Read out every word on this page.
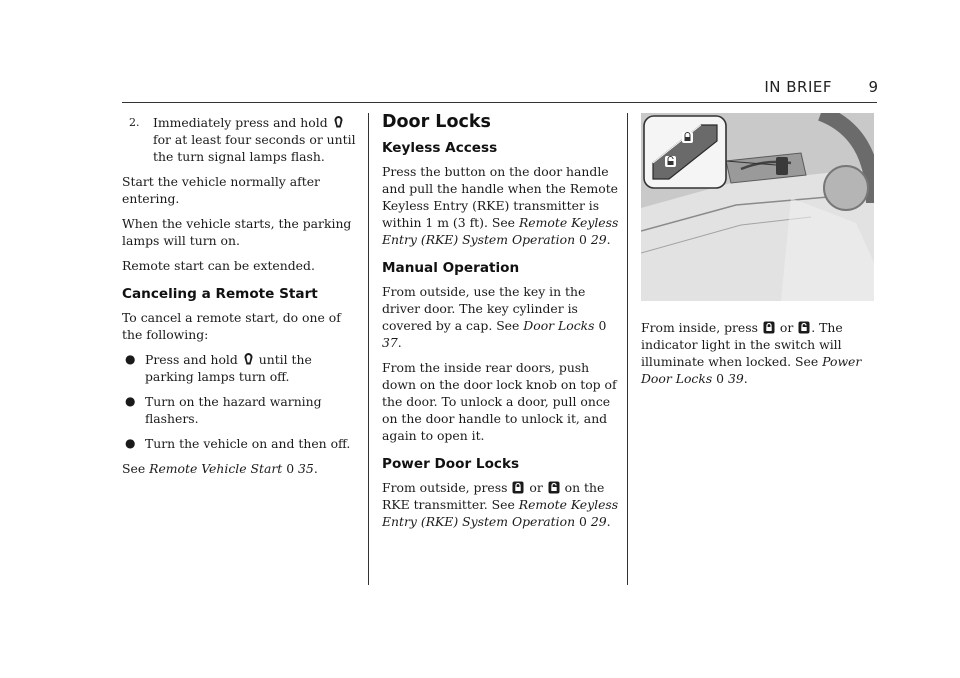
IN BRIEF 9
2.	Immediately press and hold  for at least four seconds or until the turn signal lamps flash.

Start the vehicle normally after entering.

When the vehicle starts, the parking lamps will turn on.

Remote start can be extended.

Canceling a Remote Start

To cancel a remote start, do one of the following:

● Press and hold until the parking lamps turn off.

● Turn on the hazard warning flashers.

● Turn the vehicle on and then off.

See Remote Vehicle Start 0 35.

Door Locks
Keyless Access

Press the button on the door handle and pull the handle when the Remote Keyless Entry (RKE) transmitter is within 1 m (3 ft). See Remote Keyless Entry (RKE) System Operation 0 29.

Manual Operation

From outside, use the key in the driver door. The key cylinder is covered by a cap. See Door Locks 0 37.

From the inside rear doors, push down on the door lock knob on top of the door. To unlock a door, pull once on the door handle to unlock it, and again to open it.

Power Door Locks

From outside, press or on the RKE transmitter. See Remote Keyless Entry (RKE) System Operation 0 29.

From inside, press or . The indicator light in the switch will illuminate when locked. See Power Door Locks 0 39.
